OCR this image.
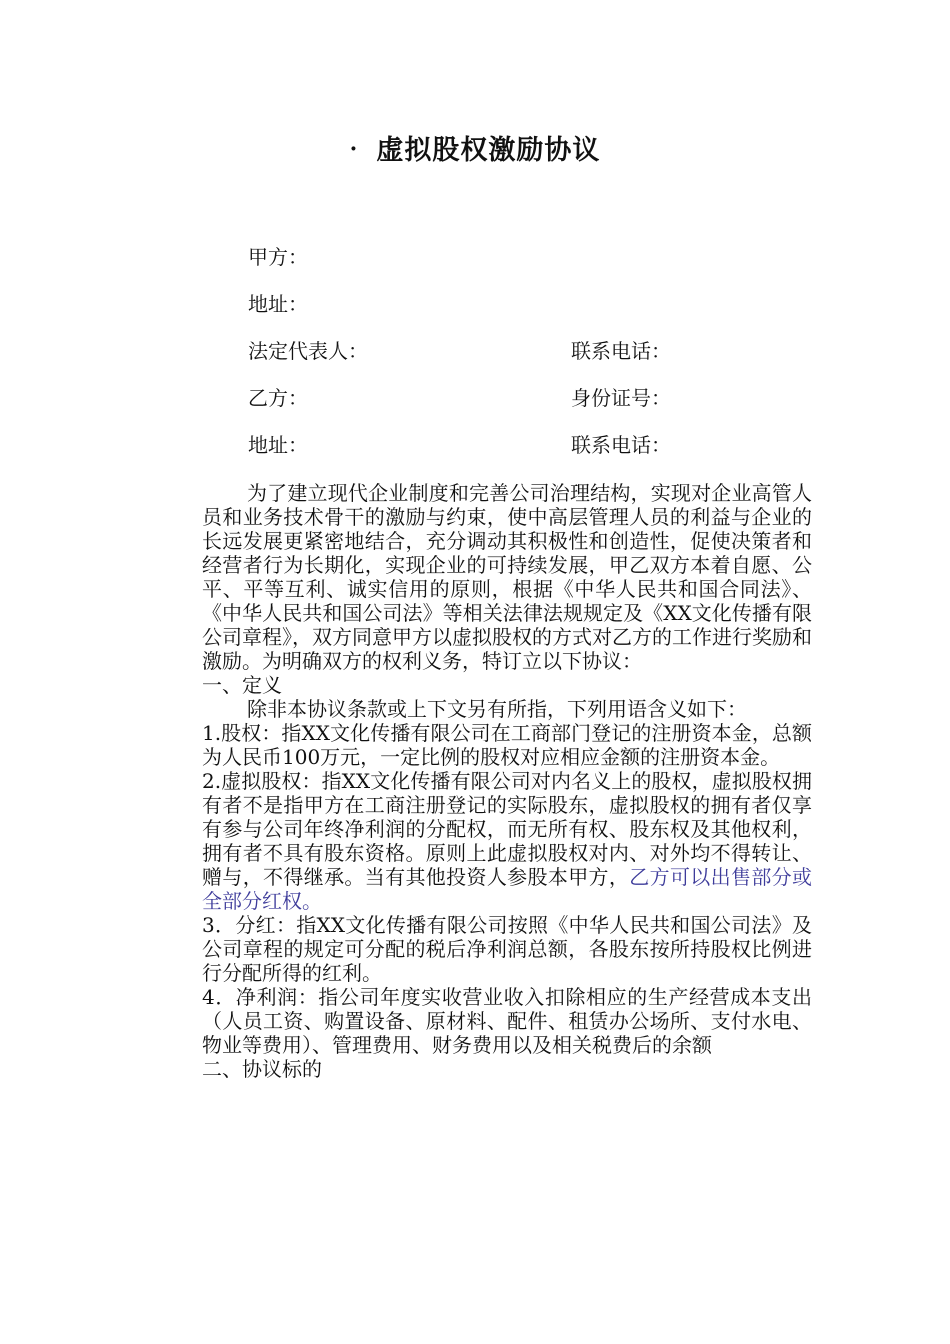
· 虚拟股权激励协议
甲方：
地址：
法定代表人：	联系电话：
乙方：	身份证号：
地址：	联系电话：

为了建立现代企业制度和完善公司治理结构，实现对企业高管人员和业务技术骨干的激励与约束，使中高层管理人员的利益与企业的长远发展更紧密地结合，充分调动其积极性和创造性，促使决策者和经营者行为长期化，实现企业的可持续发展，甲乙双方本着自愿、公平、平等互利、诚实信用的原则，根据《中华人民共和国合同法》、《中华人民共和国公司法》等相关法律法规规定及《XX文化传播有限公司章程》，双方同意甲方以虚拟股权的方式对乙方的工作进行奖励和激励。为明确双方的权利义务，特订立以下协议：

一、定义

除非本协议条款或上下文另有所指，下列用语含义如下：

1.股权：指XX文化传播有限公司在工商部门登记的注册资本金，总额为人民币100万元，一定比例的股权对应相应金额的注册资本金。

2.虚拟股权：指XX文化传播有限公司对内名义上的股权，虚拟股权拥有者不是指甲方在工商注册登记的实际股东，虚拟股权的拥有者仅享有参与公司年终净利润的分配权，而无所有权、股东权及其他权利，拥有者不具有股东资格。原则上此虚拟股权对内、对外均不得转让、赠与，不得继承。当有其他投资人参股本甲方，乙方可以出售部分或全部分红权。

3．分红：指XX文化传播有限公司按照《中华人民共和国公司法》及公司章程的规定可分配的税后净利润总额，各股东按所持股权比例进行分配所得的红利。

4．净利润：指公司年度实收营业收入扣除相应的生产经营成本支出（人员工资、购置设备、原材料、配件、租赁办公场所、支付水电、物业等费用）、管理费用、财务费用以及相关税费后的余额

二、协议标的
